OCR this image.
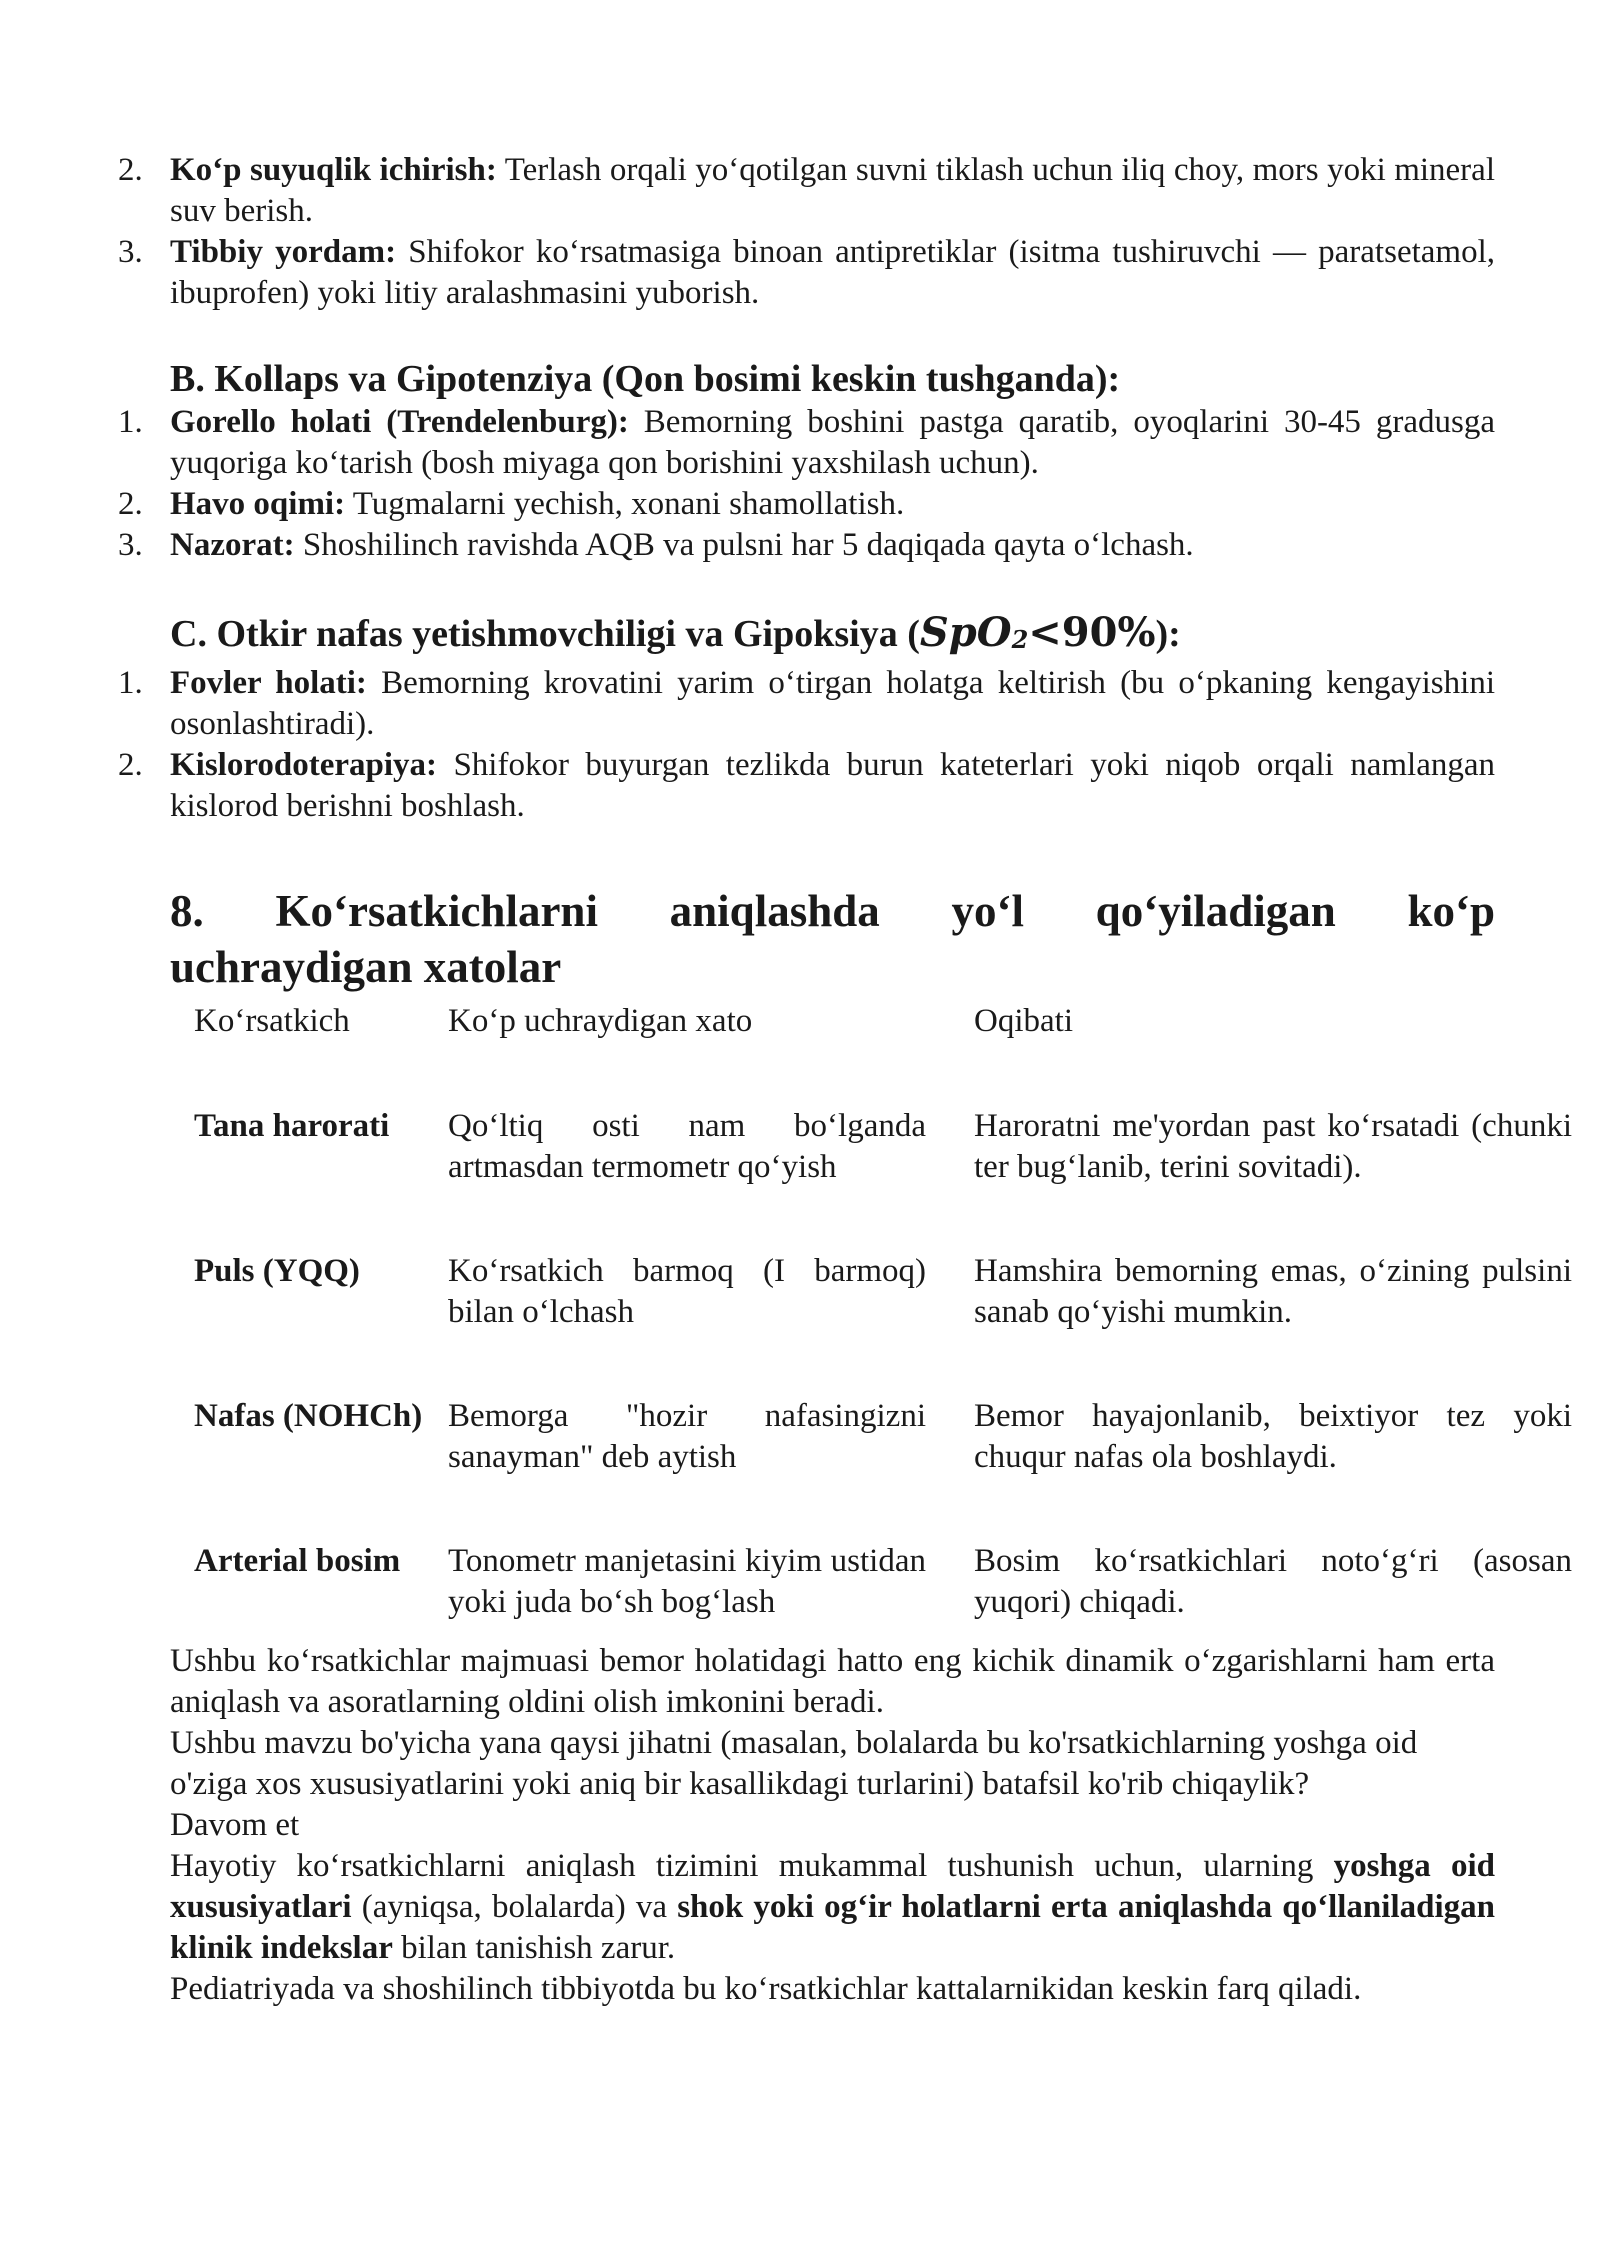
2. Koʻp suyuqlik ichirish: Terlash orqali yoʻqotilgan suvni tiklash uchun iliq choy, mors yoki mineral suv berish.
3. Tibbiy yordam: Shifokor koʻrsatmasiga binoan antipretiklar (isitma tushiruvchi — paratsetamol, ibuprofen) yoki litiy aralashmasini yuborish.
B. Kollaps va Gipotenziya (Qon bosimi keskin tushganda):
1. Gorello holati (Trendelenburg): Bemorning boshini pastga qaratib, oyoqlarini 30-45 gradusga yuqoriga koʻtarish (bosh miyaga qon borishini yaxshilash uchun).
2. Havo oqimi: Tugmalarni yechish, xonani shamollatish.
3. Nazorat: Shoshilinch ravishda AQB va pulsni har 5 daqiqada qayta oʻlchash.
C. Otkir nafas yetishmovchiligi va Gipoksiya (SpO$_2$<90%):
1. Fovler holati: Bemorning krovatini yarim oʻtirgan holatga keltirish (bu oʻpkaning kengayishini osonlashtiradi).
2. Kislorodoterapiya: Shifokor buyurgan tezlikda burun kateterlari yoki niqob orqali namlangan kislorod berishni boshlash.
8. Koʻrsatkichlarni aniqlashda yoʻl qoʻyiladigan koʻp
uchraydigan xatolar
Koʻrsatkich	Koʻp uchraydigan xato	Oqibati
Tana harorati	Qoʻltiq osti nam boʻlganda artmasdan termometr qoʻyish	Haroratni me'yordan past koʻrsatadi (chunki ter bugʻlanib, terini sovitadi).
Puls (YQQ)	Koʻrsatkich barmoq (I barmoq) bilan oʻlchash	Hamshira bemorning emas, oʻzining pulsini sanab qoʻyishi mumkin.
Nafas (NOHCh)	Bemorga "hozir nafasingizni sanayman" deb aytish	Bemor hayajonlanib, beixtiyor tez yoki chuqur nafas ola boshlaydi.
Arterial bosim	Tonometr manjetasini kiyim ustidan yoki juda boʻsh bogʻlash	Bosim koʻrsatkichlari notoʻgʻri (asosan yuqori) chiqadi.

Ushbu koʻrsatkichlar majmuasi bemor holatidagi hatto eng kichik dinamik oʻzgarishlarni ham erta aniqlash va asoratlarning oldini olish imkonini beradi.

Ushbu mavzu bo'yicha yana qaysi jihatni (masalan, bolalarda bu ko'rsatkichlarning yoshga oid o'ziga xos xususiyatlarini yoki aniq bir kasallikdagi turlarini) batafsil ko'rib chiqaylik?

Davom et

Hayotiy koʻrsatkichlarni aniqlash tizimini mukammal tushunish uchun, ularning yoshga oid xususiyatlari (ayniqsa, bolalarda) va shok yoki ogʻir holatlarni erta aniqlashda qoʻllaniladigan klinik indekslar bilan tanishish zarur.

Pediatriyada va shoshilinch tibbiyotda bu koʻrsatkichlar kattalarnikidan keskin farq qiladi.
